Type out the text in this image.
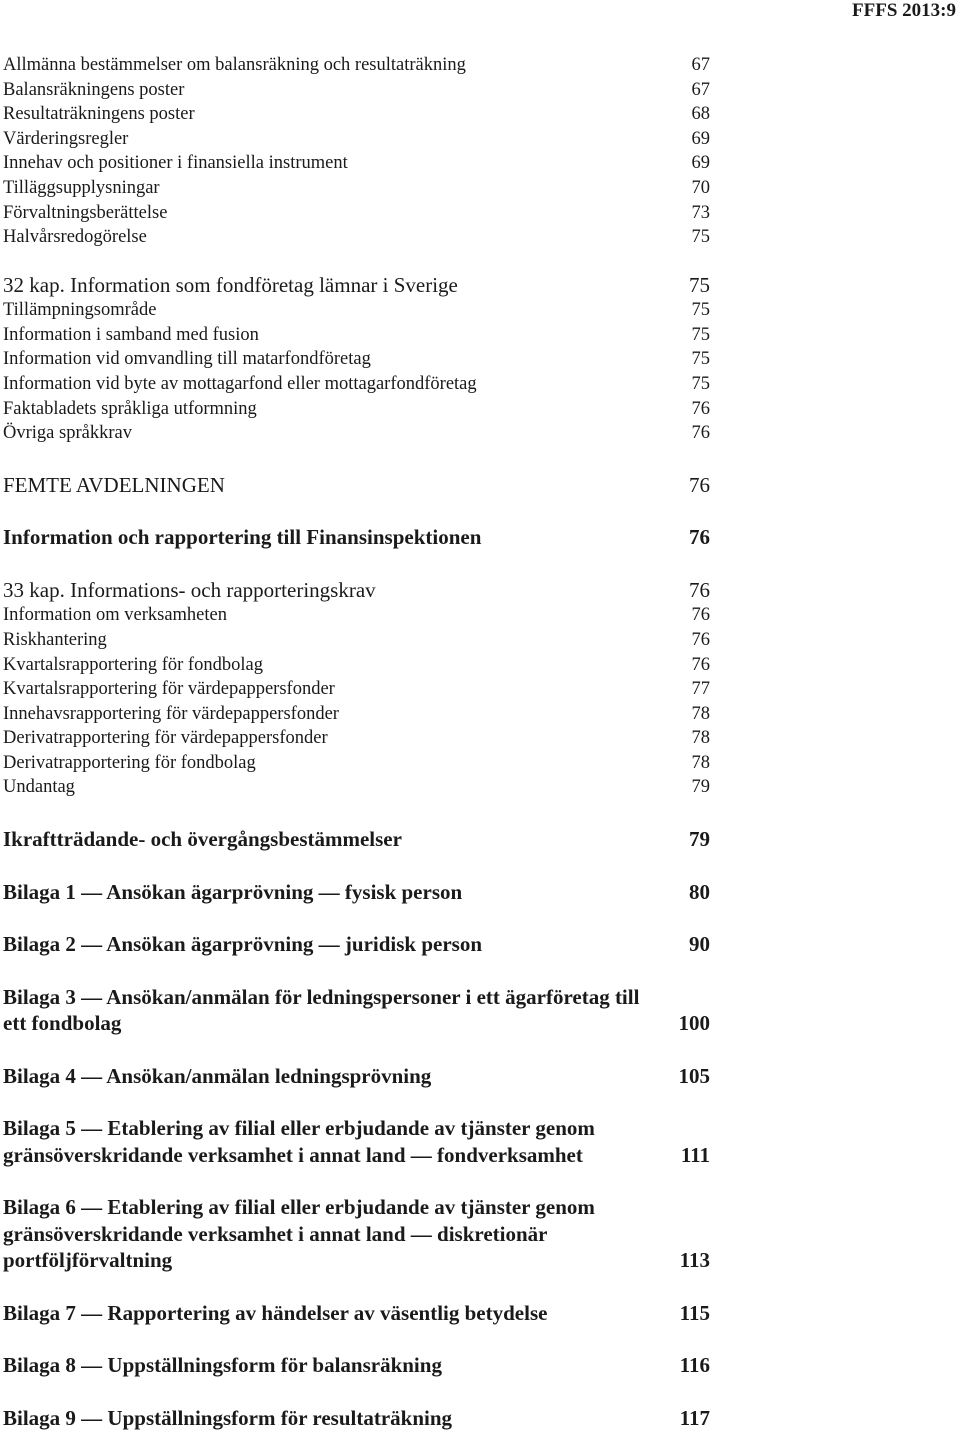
FFFS 2013:9
Allmänna bestämmelser om balansräkning och resultaträkning	67
Balansräkningens poster	67
Resultaträkningens poster	68
Värderingsregler	69
Innehav och positioner i finansiella instrument	69
Tilläggsupplysningar	70
Förvaltningsberättelse	73
Halvårsredogörelse	75
32 kap. Information som fondföretag lämnar i Sverige	75
Tillämpningsområde	75
Information i samband med fusion	75
Information vid omvandling till matarfondföretag	75
Information vid byte av mottagarfond eller mottagarfondföretag	75
Faktabladets språkliga utformning	76
Övriga språkkrav	76
FEMTE AVDELNINGEN	76
Information och rapportering till Finansinspektionen	76
33 kap. Informations- och rapporteringskrav	76
Information om verksamheten	76
Riskhantering	76
Kvartalsrapportering för fondbolag	76
Kvartalsrapportering för värdepappersfonder	77
Innehavsrapportering för värdepappersfonder	78
Derivatrapportering för värdepappersfonder	78
Derivatrapportering för fondbolag	78
Undantag	79
Ikraftträdande- och övergångsbestämmelser	79
Bilaga 1 — Ansökan ägarprövning — fysisk person	80
Bilaga 2 — Ansökan ägarprövning — juridisk person	90
Bilaga 3 — Ansökan/anmälan för ledningspersoner i ett ägarföretag till
ett fondbolag	100
Bilaga 4 — Ansökan/anmälan ledningsprövning	105
Bilaga 5 — Etablering av filial eller erbjudande av tjänster genom
gränsöverskridande verksamhet i annat land — fondverksamhet	111
Bilaga 6 — Etablering av filial eller erbjudande av tjänster genom
gränsöverskridande verksamhet i annat land — diskretionär
portföljförvaltning	113
Bilaga 7 — Rapportering av händelser av väsentlig betydelse	115
Bilaga 8 — Uppställningsform för balansräkning	116
Bilaga 9 — Uppställningsform för resultaträkning	117
